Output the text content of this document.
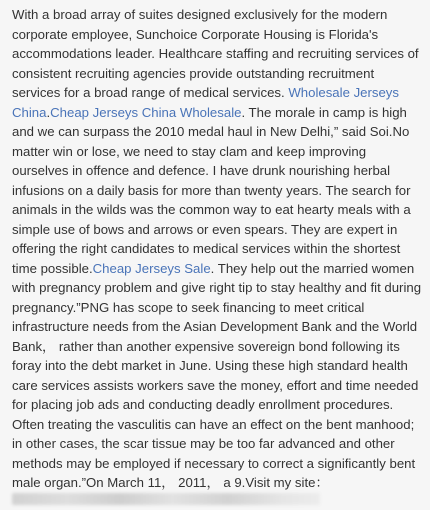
With a broad array of suites designed exclusively for the modern corporate employee, Sunchoice Corporate Housing is Florida's accommodations leader. Healthcare staffing and recruiting services of consistent recruiting agencies provide outstanding recruitment services for a broad range of medical services. Wholesale Jerseys China.Cheap Jerseys China Wholesale. The morale in camp is high and we can surpass the 2010 medal haul in New Delhi,” said Soi.No matter win or lose, we need to stay clam and keep improving ourselves in offence and defence. I have drunk nourishing herbal infusions on a daily basis for more than twenty years. The search for animals in the wilds was the common way to eat hearty meals with a simple use of bows and arrows or even spears. They are expert in offering the right candidates to medical services within the shortest time possible.Cheap Jerseys Sale. They help out the married women with pregnancy problem and give right tip to stay healthy and fit during pregnancy.”PNG has scope to seek financing to meet critical infrastructure needs from the Asian Development Bank and the World Bank， rather than another expensive sovereign bond following its foray into the debt market in June. Using these high standard health care services assists workers save the money, effort and time needed for placing job ads and conducting deadly enrollment procedures. Often treating the vasculitis can have an effect on the bent manhood; in other cases, the scar tissue may be too far advanced and other methods may be employed if necessary to correct a significantly bent male organ.”On March 11， 2011， a 9.Visit my site：
